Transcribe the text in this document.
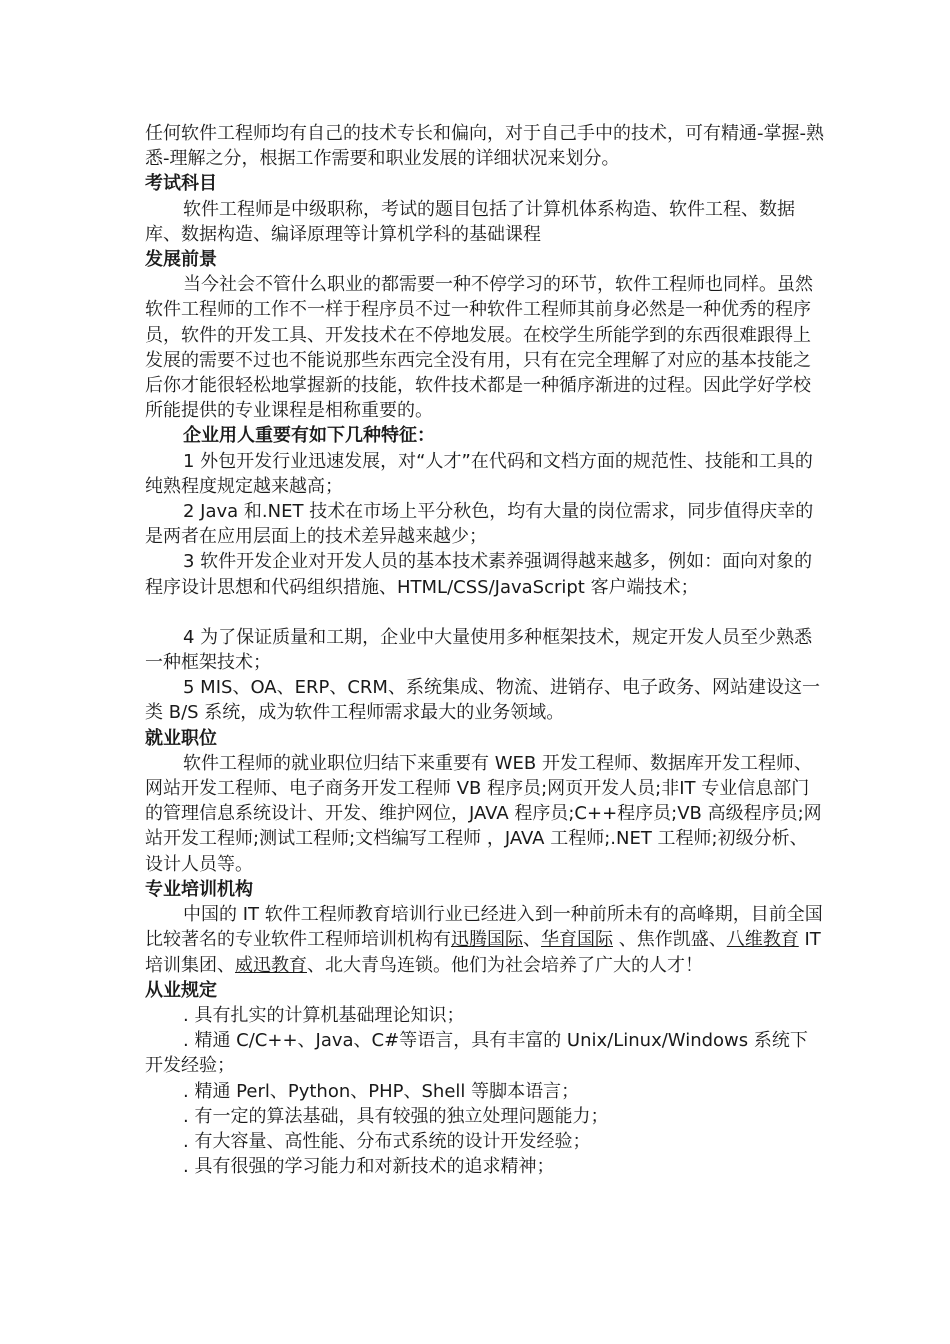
任何软件工程师均有自己的技术专长和偏向，对于自己手中的技术，可有精通-掌握-熟悉-理解之分，根据工作需要和职业发展的详细状况来划分。

考试科目

软件工程师是中级职称，考试的题目包括了计算机体系构造、软件工程、数据库、数据构造、编译原理等计算机学科的基础课程

发展前景

当今社会不管什么职业的都需要一种不停学习的环节，软件工程师也同样。虽然软件工程师的工作不一样于程序员不过一种软件工程师其前身必然是一种优秀的程序员，软件的开发工具、开发技术在不停地发展。在校学生所能学到的东西很难跟得上发展的需要不过也不能说那些东西完全没有用，只有在完全理解了对应的基本技能之后你才能很轻松地掌握新的技能，软件技术都是一种循序渐进的过程。因此学好学校所能提供的专业课程是相称重要的。

企业用人重要有如下几种特征：

1 外包开发行业迅速发展，对“人才”在代码和文档方面的规范性、技能和工具的纯熟程度规定越来越高；

2 Java 和.NET 技术在市场上平分秋色，均有大量的岗位需求，同步值得庆幸的是两者在应用层面上的技术差异越来越少；

3 软件开发企业对开发人员的基本技术素养强调得越来越多，例如：面向对象的程序设计思想和代码组织措施、HTML/CSS/JavaScript 客户端技术；

4 为了保证质量和工期，企业中大量使用多种框架技术，规定开发人员至少熟悉一种框架技术；

5 MIS、OA、ERP、CRM、系统集成、物流、进销存、电子政务、网站建设这一类 B/S 系统，成为软件工程师需求最大的业务领域。

就业职位

软件工程师的就业职位归结下来重要有 WEB 开发工程师、数据库开发工程师、网站开发工程师、电子商务开发工程师 VB 程序员;网页开发人员;非IT 专业信息部门的管理信息系统设计、开发、维护网位，JAVA 程序员;C++程序员;VB 高级程序员;网站开发工程师;测试工程师;文档编写工程师 ，JAVA 工程师;.NET 工程师;初级分析、设计人员等。

专业培训机构

中国的 IT 软件工程师教育培训行业已经进入到一种前所未有的高峰期，目前全国比较著名的专业软件工程师培训机构有迅腾国际、华育国际 、焦作凯盛、八维教育 IT 培训集团、威迅教育、北大青鸟连锁。他们为社会培养了广大的人才！

从业规定

. 具有扎实的计算机基础理论知识；

. 精通 C/C++、Java、C#等语言，具有丰富的 Unix/Linux/Windows 系统下开发经验；

. 精通 Perl、Python、PHP、Shell 等脚本语言；

. 有一定的算法基础，具有较强的独立处理问题能力；

. 有大容量、高性能、分布式系统的设计开发经验；

. 具有很强的学习能力和对新技术的追求精神；
